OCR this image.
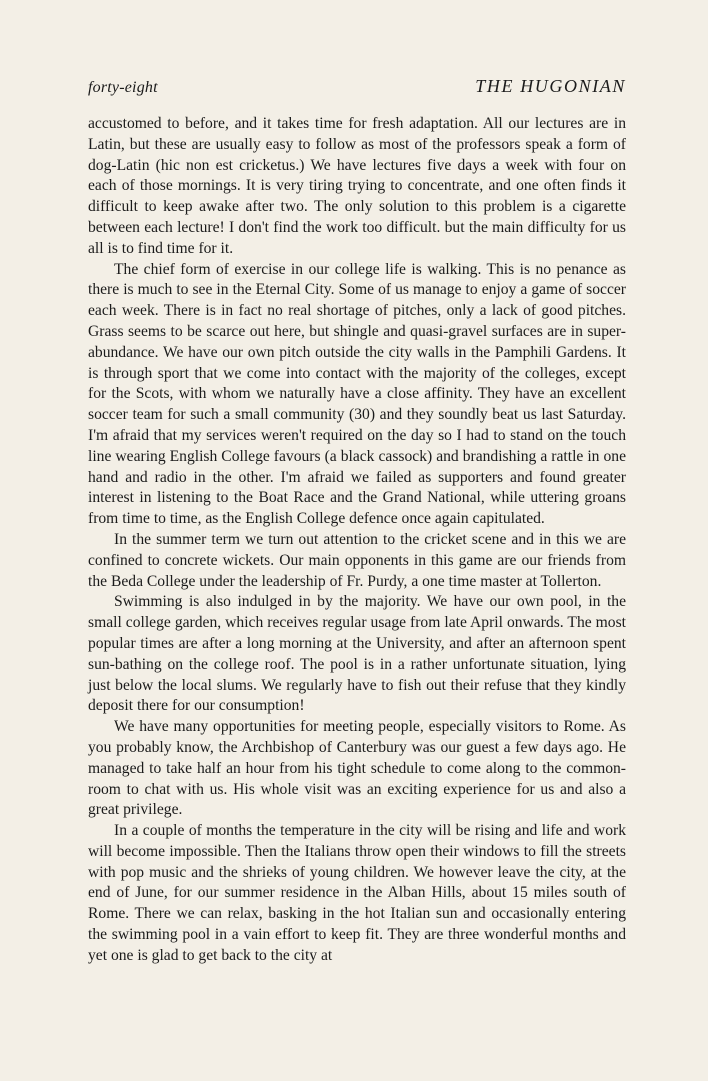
forty-eight	THE HUGONIAN

accustomed to before, and it takes time for fresh adaptation. All our lectures are in Latin, but these are usually easy to follow as most of the professors speak a form of dog-Latin (hic non est cricketus.) We have lectures five days a week with four on each of those mornings. It is very tiring trying to concentrate, and one often finds it difficult to keep awake after two. The only solution to this problem is a cigarette between each lecture! I don't find the work too difficult. but the main difficulty for us all is to find time for it.

The chief form of exercise in our college life is walking. This is no penance as there is much to see in the Eternal City. Some of us manage to enjoy a game of soccer each week. There is in fact no real shortage of pitches, only a lack of good pitches. Grass seems to be scarce out here, but shingle and quasi-gravel surfaces are in super-abundance. We have our own pitch outside the city walls in the Pamphili Gardens. It is through sport that we come into contact with the majority of the colleges, except for the Scots, with whom we naturally have a close affinity. They have an excellent soccer team for such a small community (30) and they soundly beat us last Saturday. I'm afraid that my services weren't required on the day so I had to stand on the touch line wearing English College favours (a black cassock) and brandishing a rattle in one hand and radio in the other. I'm afraid we failed as supporters and found greater interest in listening to the Boat Race and the Grand National, while uttering groans from time to time, as the English College defence once again capitulated.

In the summer term we turn out attention to the cricket scene and in this we are confined to concrete wickets. Our main opponents in this game are our friends from the Beda College under the leadership of Fr. Purdy, a one time master at Tollerton.

Swimming is also indulged in by the majority. We have our own pool, in the small college garden, which receives regular usage from late April onwards. The most popular times are after a long morning at the University, and after an afternoon spent sun-bathing on the college roof. The pool is in a rather unfortunate situation, lying just below the local slums. We regularly have to fish out their refuse that they kindly deposit there for our consumption!

We have many opportunities for meeting people, especially visitors to Rome. As you probably know, the Archbishop of Canterbury was our guest a few days ago. He managed to take half an hour from his tight schedule to come along to the common-room to chat with us. His whole visit was an exciting experience for us and also a great privilege.

In a couple of months the temperature in the city will be rising and life and work will become impossible. Then the Italians throw open their windows to fill the streets with pop music and the shrieks of young children. We however leave the city, at the end of June, for our summer residence in the Alban Hills, about 15 miles south of Rome. There we can relax, basking in the hot Italian sun and occasionally entering the swimming pool in a vain effort to keep fit. They are three wonderful months and yet one is glad to get back to the city at
